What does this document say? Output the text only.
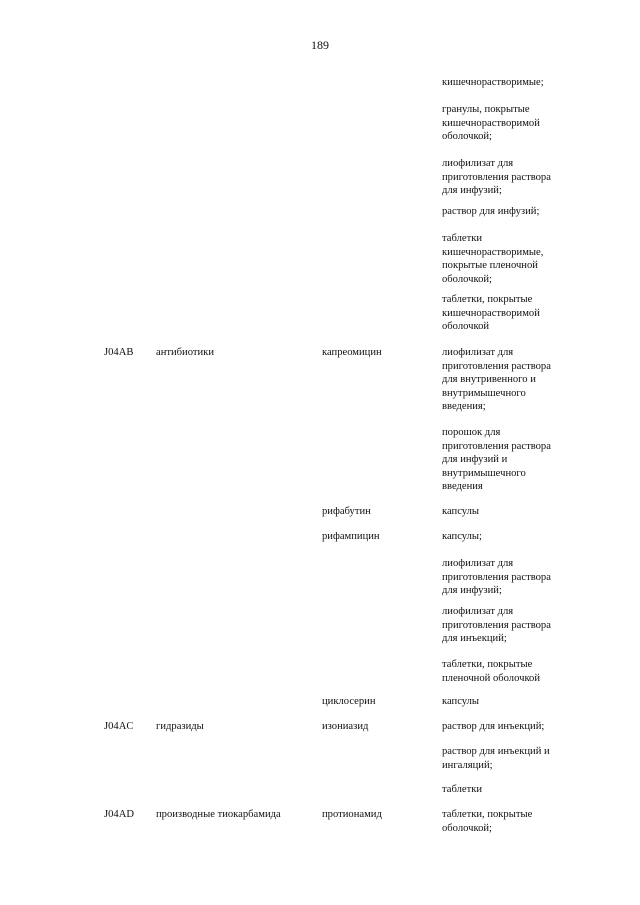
189
кишечнорастворимые;
гранулы, покрытые
кишечнорастворимой
оболочкой;
лиофилизат для
приготовления раствора
для инфузий;
раствор для инфузий;
таблетки
кишечнорастворимые,
покрытые пленочной
оболочкой;
таблетки, покрытые
кишечнорастворимой
оболочкой
J04AB антибиотики	капреомицин	лиофилизат для
приготовления раствора
для внутривенного и
внутримышечного
введения;
порошок для
приготовления раствора
для инфузий и
внутримышечного
введения
рифабутин	капсулы
рифампицин	капсулы;
лиофилизат для
приготовления раствора
для инфузий;
лиофилизат для
приготовления раствора
для инъекций;
таблетки, покрытые
пленочной оболочкой
циклосерин	капсулы
J04AC гидразиды	изониазид	раствор для инъекций;
раствор для инъекций и
ингаляций;
таблетки
J04AD производные тиокарбамида	протионамид	таблетки, покрытые
оболочкой;
